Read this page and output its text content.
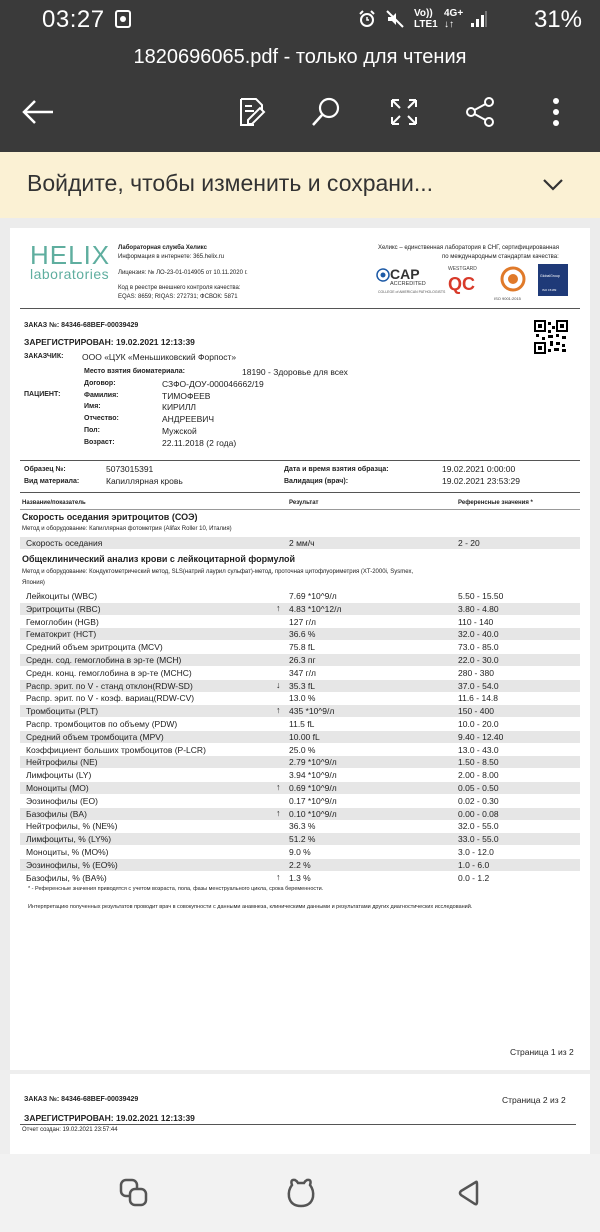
03:27	Vo))
LTE1
4G+
↓↑	31%
1820696065.pdf - только для чтения
Войдите, чтобы изменить и сохрани...
HELIX
laboratories
Лабораторная служба Хеликс
Информация в интернете: 365.helix.ru
Лицензия: № ЛО-23-01-014905 от 10.11.2020 г.
Код в реестре внешнего контроля качества:
EQAS: 8659; RIQAS: 272731; ФСВОК: 5871
Хеликс – единственная лаборатория в СНГ, сертифицированная
по международным стандартам качества:
CAP
ACCREDITED
COLLEGE of AMERICAN PATHOLOGISTS
WESTGARD
QC
ISO 9001:2015
GlobalGroup
ISO 15189
ЗАКАЗ №: 84346-68BEF-00039429
ЗАРЕГИСТРИРОВАН: 19.02.2021 12:13:39
ЗАКАЗЧИК: ООО «ЦУК «Меньшиковский Форпост»
ПАЦИЕНТ:
Место взятия биоматериала:	18190 - Здоровье для всех
Договор:	СЗФО-ДОУ-000046662/19
Фамилия:	ТИМОФЕЕВ
Имя:	КИРИЛЛ
Отчество:	АНДРЕЕВИЧ
Пол:	Мужской
Возраст:	22.11.2018 (2 года)
Образец №:	5073015391
Вид материала:	Капиллярная кровь
Дата и время взятия образца:	19.02.2021 0:00:00
Валидация (врач):	19.02.2021 23:53:29
Название/показатель	Результат	Референсные значения *
Скорость оседания эритроцитов (СОЭ)
Метод и оборудование: Капиллярная фотометрия (Alifax Roller 10, Италия)
Скорость оседания	2 мм/ч	2 - 20
Общеклинический анализ крови с лейкоцитарной формулой
Метод и оборудование: Кондуктометрический метод, SLS(натрий лаурил сульфат)-метод, проточная цитофлуориметрия (XT-2000i, Sysmex,
Япония)
Лейкоциты (WBC)	7.69 *10^9/л	5.50 - 15.50
Эритроциты (RBC)	↑ 4.83 *10^12/л	3.80 - 4.80
Гемоглобин (HGB)	127 г/л	110 - 140
Гематокрит (HCT)	36.6 %	32.0 - 40.0
Средний объем эритроцита (MCV)	75.8 fL	73.0 - 85.0
Средн. сод. гемоглобина в эр-те (MCH)	26.3 пг	22.0 - 30.0
Средн. конц. гемоглобина в эр-те (MCHC)	347 г/л	280 - 380
Распр. эрит. по V - станд отклон(RDW-SD)	↓ 35.3 fL	37.0 - 54.0
Распр. эрит. по V - коэф. вариац(RDW-CV)	13.0 %	11.6 - 14.8
Тромбоциты (PLT)	↑ 435 *10^9/л	150 - 400
Распр. тромбоцитов по объему (PDW)	11.5 fL	10.0 - 20.0
Средний объем тромбоцита (MPV)	10.00 fL	9.40 - 12.40
Коэффициент больших тромбоцитов (P-LCR)	25.0 %	13.0 - 43.0
Нейтрофилы (NE)	2.79 *10^9/л	1.50 - 8.50
Лимфоциты (LY)	3.94 *10^9/л	2.00 - 8.00
Моноциты (MO)	↑ 0.69 *10^9/л	0.05 - 0.50
Эозинофилы (EO)	0.17 *10^9/л	0.02 - 0.30
Базофилы (BA)	↑ 0.10 *10^9/л	0.00 - 0.08
Нейтрофилы, % (NE%)	36.3 %	32.0 - 55.0
Лимфоциты, % (LY%)	51.2 %	33.0 - 55.0
Моноциты, % (MO%)	9.0 %	3.0 - 12.0
Эозинофилы, % (EO%)	2.2 %	1.0 - 6.0
Базофилы, % (BA%)	↑ 1.3 %	0.0 - 1.2
* - Референсные значения приводятся с учетом возраста, пола, фазы менструального цикла, срока беременности.
Интерпретацию полученных результатов проводит врач в совокупности с данными анамнеза, клиническими данными и результатами других диагностических исследований.
Страница 1 из 2
ЗАКАЗ №: 84346-68BEF-00039429	Страница 2 из 2
ЗАРЕГИСТРИРОВАН: 19.02.2021 12:13:39
Отчет создан: 19.02.2021 23:57:44
